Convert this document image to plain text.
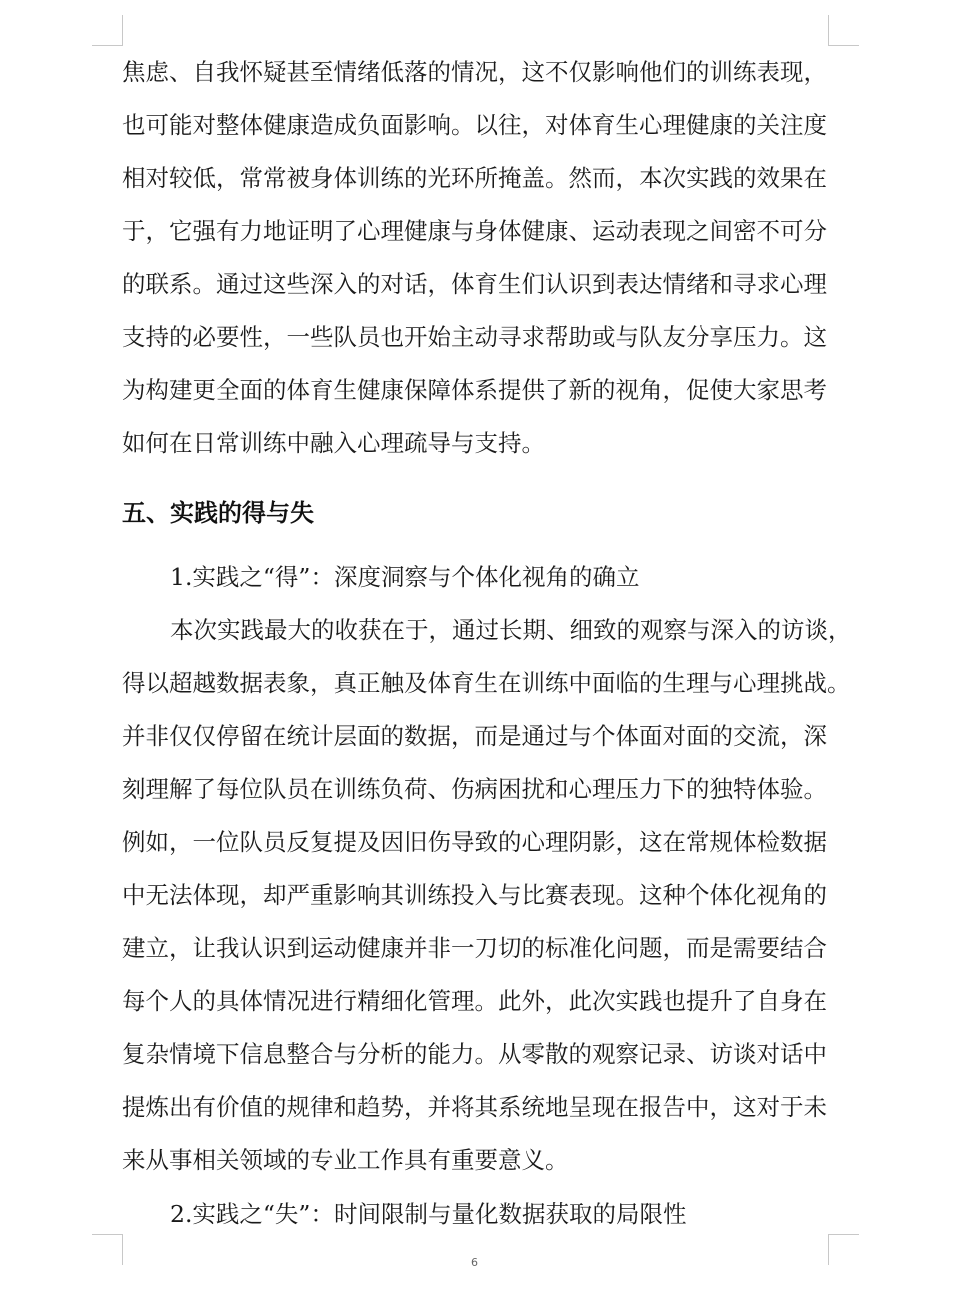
焦虑、自我怀疑甚至情绪低落的情况，这不仅影响他们的训练表现，
也可能对整体健康造成负面影响。以往，对体育生心理健康的关注度
相对较低，常常被身体训练的光环所掩盖。然而，本次实践的效果在
于，它强有力地证明了心理健康与身体健康、运动表现之间密不可分
的联系。通过这些深入的对话，体育生们认识到表达情绪和寻求心理
支持的必要性，一些队员也开始主动寻求帮助或与队友分享压力。这
为构建更全面的体育生健康保障体系提供了新的视角，促使大家思考
如何在日常训练中融入心理疏导与支持。
五、实践的得与失
1.实践之“得”：深度洞察与个体化视角的确立
本次实践最大的收获在于，通过长期、细致的观察与深入的访谈，
得以超越数据表象，真正触及体育生在训练中面临的生理与心理挑战。
并非仅仅停留在统计层面的数据，而是通过与个体面对面的交流，深
刻理解了每位队员在训练负荷、伤病困扰和心理压力下的独特体验。
例如，一位队员反复提及因旧伤导致的心理阴影，这在常规体检数据
中无法体现，却严重影响其训练投入与比赛表现。这种个体化视角的
建立，让我认识到运动健康并非一刀切的标准化问题，而是需要结合
每个人的具体情况进行精细化管理。此外，此次实践也提升了自身在
复杂情境下信息整合与分析的能力。从零散的观察记录、访谈对话中
提炼出有价值的规律和趋势，并将其系统地呈现在报告中，这对于未
来从事相关领域的专业工作具有重要意义。
2.实践之“失”：时间限制与量化数据获取的局限性
6
